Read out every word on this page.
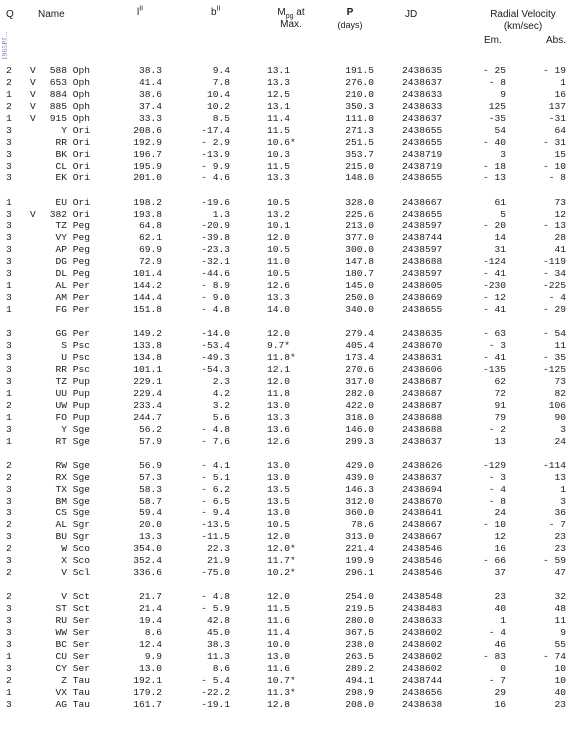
1965PJ...
Q Name	$l^{II}$	$b^{II}$	$M_{pg}$ at
Max.
P
(days)
JD	Radial Velocity
(km/sec)
Em.	Abs.
2 V	588 Oph	38.3	9.4	13.1	191.5	2438635	- 25	- 19
2 V	653 Oph	41.4	7.8	13.3	276.0	2438637	- 8	1
1 V	884 Oph	38.6	10.4	12.5	210.0	2438633	9	16
2 V	885 Oph	37.4	10.2	13.1	350.3	2438633	125	137
1 V	915 Oph	33.3	8.5	11.4	111.0	2438637	-35	-31
3	Y Ori	208.6	-17.4	11.5	271.3	2438655	54	64
3	RR Ori	192.9	- 2.9	10.6*	251.5	2438655	- 40	- 31
3	BK Ori	196.7	-13.9	10.3	353.7	2438719	3	15
3	CL Ori	195.9	- 9.9	11.5	215.0	2438719	- 18	- 10
3	EK Ori	201.0	- 4.6	13.3	148.0	2438655	- 13	- 8
1	EU Ori	198.2	-19.6	10.5	328.0	2438667	61	73
3 V	382 Ori	193.8	1.3	13.2	225.6	2438655	5	12
3	TZ Peg	64.8	-20.9	10.1	213.0	2438597	- 20	- 13
3	VY Peg	62.1	-39.8	12.0	377.0	2438744	14	28
3	AP Peg	69.9	-23.3	10.5	300.0	2438597	31	41
3	DG Peg	72.9	-32.1	11.0	147.8	2438688	-124	-119
3	DL Peg	101.4	-44.6	10.5	180.7	2438597	- 41	- 34
1	AL Per	144.2	- 8.9	12.6	145.0	2438605	-230	-225
3	AM Per	144.4	- 9.0	13.3	250.0	2438669	- 12	- 4
1	FG Per	151.8	- 4.8	14.0	340.0	2438655	- 41	- 29
3	GG Per	149.2	-14.0	12.0	279.4	2438635	- 63	- 54
3	S Psc	133.8	-53.4	9.7*	405.4	2438670	- 3	11
3	U Psc	134.8	-49.3	11.8*	173.4	2438631	- 41	- 35
3	RR Psc	101.1	-54.3	12.1	270.6	2438606	-135	-125
3	TZ Pup	229.1	2.3	12.0	317.0	2438687	62	73
1	UU Pup	229.4	4.2	11.8	282.0	2438687	72	82
2	UW Pup	233.4	3.2	13.0	422.0	2438687	91	106
1	FO Pup	244.7	5.6	13.3	318.0	2438688	79	90
3	Y Sge	56.2	- 4.8	13.6	146.0	2438688	- 2	3
1	RT Sge	57.9	- 7.6	12.6	299.3	2438637	13	24
2	RW Sge	56.9	- 4.1	13.0	429.0	2438626	-129	-114
2	RX Sge	57.3	- 5.1	13.0	439.0	2438637	- 3	13
3	TX Sge	58.3	- 6.2	13.5	146.3	2438694	- 4	1
3	BM Sge	58.7	- 6.5	13.5	312.0	2438670	- 8	3
3	CS Sge	59.4	- 9.4	13.0	360.0	2438641	24	36
2	AL Sgr	20.0	-13.5	10.5	78.6	2438667	- 10	- 7
3	BU Sgr	13.3	-11.5	12.0	313.0	2438667	12	23
2	W Sco	354.0	22.3	12.0*	221.4	2438546	16	23
3	X Sco	352.4	21.9	11.7*	199.9	2438546	- 66	- 59
2	V Scl	336.6	-75.0	10.2*	296.1	2438546	37	47
2	V Sct	21.7	- 4.8	12.0	254.0	2438548	23	32
3	ST Sct	21.4	- 5.9	11.5	219.5	2438483	40	48
3	RU Ser	19.4	42.8	11.6	280.0	2438633	1	11
3	WW Ser	8.6	45.0	11.4	367.5	2438602	- 4	9
3	BC Ser	12.4	38.3	10.0	238.0	2438602	46	55
1	CU Ser	9.9	11.3	13.0	263.5	2438602	- 83	- 74
3	CY Ser	13.0	8.6	11.6	289.2	2438602	0	10
2	Z Tau	192.1	- 5.4	10.7*	494.1	2438744	- 7	10
1	VX Tau	179.2	-22.2	11.3*	298.9	2438656	29	40
3	AG Tau	161.7	-19.1	12.8	208.0	2438638	16	23
